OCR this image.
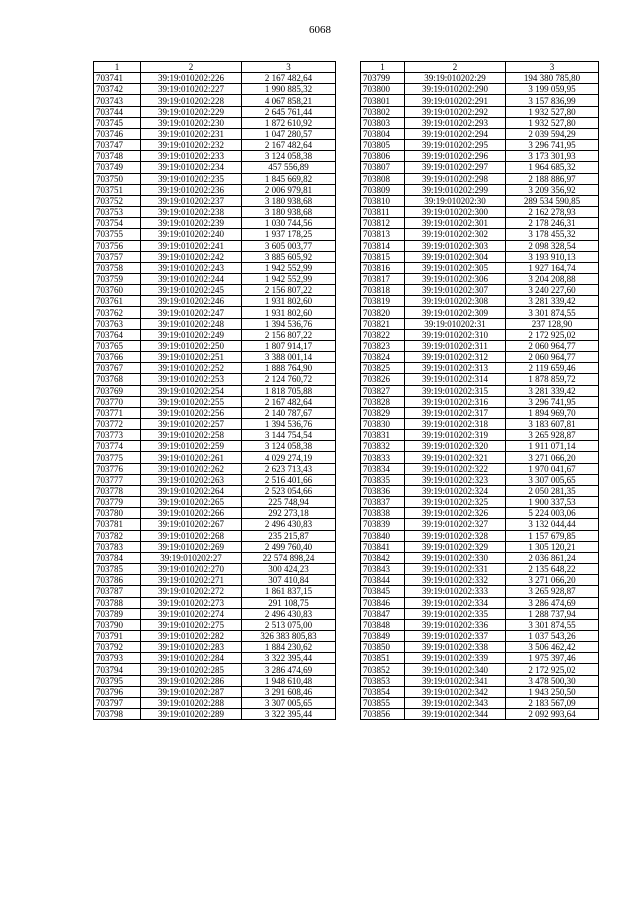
6068
1	2	3
703741	39:19:010202:226	2 167 482,64
703742	39:19:010202:227	1 990 885,32
703743	39:19:010202:228	4 067 858,21
703744	39:19:010202:229	2 645 761,44
703745	39:19:010202:230	1 872 610,92
703746	39:19:010202:231	1 047 280,57
703747	39:19:010202:232	2 167 482,64
703748	39:19:010202:233	3 124 058,38
703749	39:19:010202:234	457 556,89
703750	39:19:010202:235	1 845 669,82
703751	39:19:010202:236	2 006 979,81
703752	39:19:010202:237	3 180 938,68
703753	39:19:010202:238	3 180 938,68
703754	39:19:010202:239	1 030 744,56
703755	39:19:010202:240	1 937 178,25
703756	39:19:010202:241	3 605 003,77
703757	39:19:010202:242	3 885 605,92
703758	39:19:010202:243	1 942 552,99
703759	39:19:010202:244	1 942 552,99
703760	39:19:010202:245	2 156 807,22
703761	39:19:010202:246	1 931 802,60
703762	39:19:010202:247	1 931 802,60
703763	39:19:010202:248	1 394 536,76
703764	39:19:010202:249	2 156 807,22
703765	39:19:010202:250	1 807 914,17
703766	39:19:010202:251	3 388 001,14
703767	39:19:010202:252	1 888 764,90
703768	39:19:010202:253	2 124 760,72
703769	39:19:010202:254	1 818 705,88
703770	39:19:010202:255	2 167 482,64
703771	39:19:010202:256	2 140 787,67
703772	39:19:010202:257	1 394 536,76
703773	39:19:010202:258	3 144 754,54
703774	39:19:010202:259	3 124 058,38
703775	39:19:010202:261	4 029 274,19
703776	39:19:010202:262	2 623 713,43
703777	39:19:010202:263	2 516 401,66
703778	39:19:010202:264	2 523 054,66
703779	39:19:010202:265	225 748,94
703780	39:19:010202:266	292 273,18
703781	39:19:010202:267	2 496 430,83
703782	39:19:010202:268	235 215,87
703783	39:19:010202:269	2 499 760,40
703784	39:19:010202:27	22 574 898,24
703785	39:19:010202:270	300 424,23
703786	39:19:010202:271	307 410,84
703787	39:19:010202:272	1 861 837,15
703788	39:19:010202:273	291 108,75
703789	39:19:010202:274	2 496 430,83
703790	39:19:010202:275	2 513 075,00
703791	39:19:010202:282	326 383 805,83
703792	39:19:010202:283	1 884 230,62
703793	39:19:010202:284	3 322 395,44
703794	39:19:010202:285	3 286 474,69
703795	39:19:010202:286	1 948 610,48
703796	39:19:010202:287	3 291 608,46
703797	39:19:010202:288	3 307 005,65
703798	39:19:010202:289	3 322 395,44
1	2	3
703799	39:19:010202:29	194 380 785,80
703800	39:19:010202:290	3 199 059,95
703801	39:19:010202:291	3 157 836,99
703802	39:19:010202:292	1 932 527,80
703803	39:19:010202:293	1 932 527,80
703804	39:19:010202:294	2 039 594,29
703805	39:19:010202:295	3 296 741,95
703806	39:19:010202:296	3 173 301,93
703807	39:19:010202:297	1 964 685,32
703808	39:19:010202:298	2 188 886,97
703809	39:19:010202:299	3 209 356,92
703810	39:19:010202:30	289 534 590,85
703811	39:19:010202:300	2 162 278,93
703812	39:19:010202:301	2 178 246,31
703813	39:19:010202:302	3 178 455,32
703814	39:19:010202:303	2 098 328,54
703815	39:19:010202:304	3 193 910,13
703816	39:19:010202:305	1 927 164,74
703817	39:19:010202:306	3 204 208,88
703818	39:19:010202:307	3 240 227,60
703819	39:19:010202:308	3 281 339,42
703820	39:19:010202:309	3 301 874,55
703821	39:19:010202:31	237 128,90
703822	39:19:010202:310	2 172 925,02
703823	39:19:010202:311	2 060 964,77
703824	39:19:010202:312	2 060 964,77
703825	39:19:010202:313	2 119 659,46
703826	39:19:010202:314	1 878 859,72
703827	39:19:010202:315	3 281 339,42
703828	39:19:010202:316	3 296 741,95
703829	39:19:010202:317	1 894 969,70
703830	39:19:010202:318	3 183 607,81
703831	39:19:010202:319	3 265 928,87
703832	39:19:010202:320	1 911 071,14
703833	39:19:010202:321	3 271 066,20
703834	39:19:010202:322	1 970 041,67
703835	39:19:010202:323	3 307 005,65
703836	39:19:010202:324	2 050 281,35
703837	39:19:010202:325	1 900 337,53
703838	39:19:010202:326	5 224 003,06
703839	39:19:010202:327	3 132 044,44
703840	39:19:010202:328	1 157 679,85
703841	39:19:010202:329	1 305 120,21
703842	39:19:010202:330	2 036 861,24
703843	39:19:010202:331	2 135 648,22
703844	39:19:010202:332	3 271 066,20
703845	39:19:010202:333	3 265 928,87
703846	39:19:010202:334	3 286 474,69
703847	39:19:010202:335	1 288 737,94
703848	39:19:010202:336	3 301 874,55
703849	39:19:010202:337	1 037 543,26
703850	39:19:010202:338	3 506 462,42
703851	39:19:010202:339	1 975 397,46
703852	39:19:010202:340	2 172 925,02
703853	39:19:010202:341	3 478 500,30
703854	39:19:010202:342	1 943 250,50
703855	39:19:010202:343	2 183 567,09
703856	39:19:010202:344	2 092 993,64
